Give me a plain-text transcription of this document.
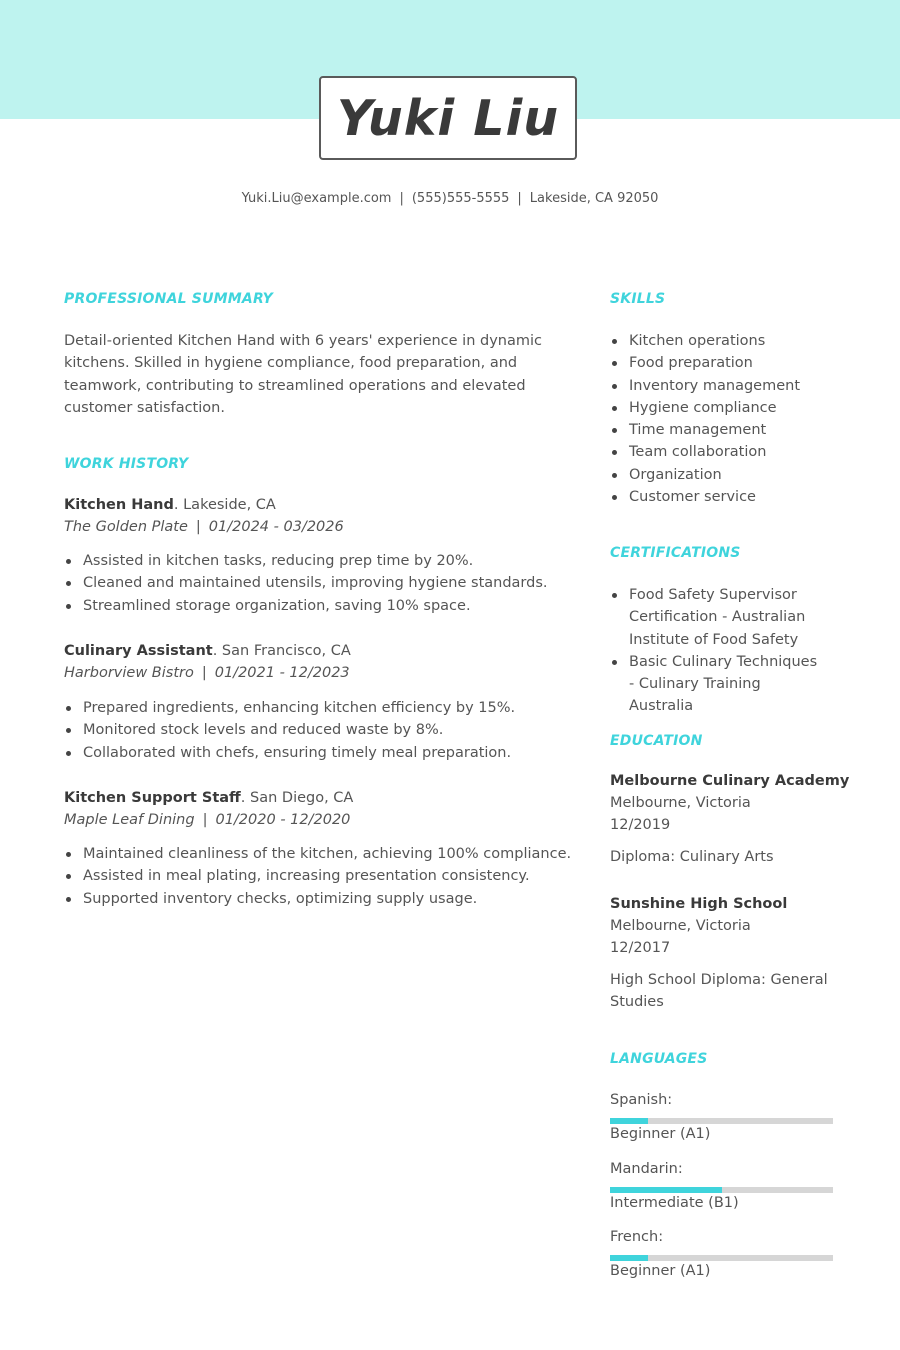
Yuki Liu
Yuki.Liu@example.com | (555)555-5555 | Lakeside, CA 92050
PROFESSIONAL SUMMARY
Detail-oriented Kitchen Hand with 6 years' experience in dynamic kitchens. Skilled in hygiene compliance, food preparation, and teamwork, contributing to streamlined operations and elevated customer satisfaction.
WORK HISTORY
Kitchen Hand. Lakeside, CA
The Golden Plate | 01/2024 - 03/2026
Assisted in kitchen tasks, reducing prep time by 20%.
Cleaned and maintained utensils, improving hygiene standards.
Streamlined storage organization, saving 10% space.
Culinary Assistant. San Francisco, CA
Harborview Bistro | 01/2021 - 12/2023
Prepared ingredients, enhancing kitchen efficiency by 15%.
Monitored stock levels and reduced waste by 8%.
Collaborated with chefs, ensuring timely meal preparation.
Kitchen Support Staff. San Diego, CA
Maple Leaf Dining | 01/2020 - 12/2020
Maintained cleanliness of the kitchen, achieving 100% compliance.
Assisted in meal plating, increasing presentation consistency.
Supported inventory checks, optimizing supply usage.
SKILLS
Kitchen operations
Food preparation
Inventory management
Hygiene compliance
Time management
Team collaboration
Organization
Customer service
CERTIFICATIONS
Food Safety Supervisor Certification - Australian Institute of Food Safety
Basic Culinary Techniques - Culinary Training Australia
EDUCATION
Melbourne Culinary Academy
Melbourne, Victoria
12/2019
Diploma: Culinary Arts
Sunshine High School
Melbourne, Victoria
12/2017
High School Diploma: General Studies
LANGUAGES
Spanish:
Beginner (A1)
Mandarin:
Intermediate (B1)
French:
Beginner (A1)
